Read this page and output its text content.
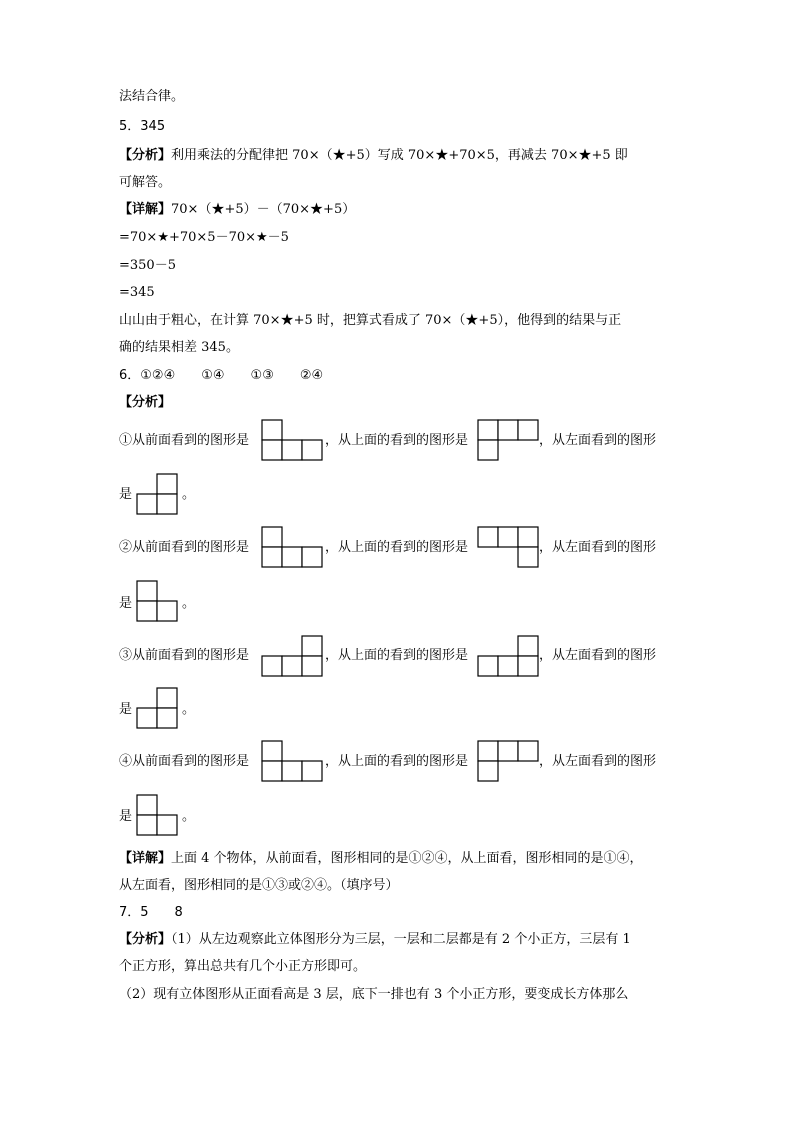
法结合律。
5．345
【分析】利用乘法的分配律把 70×（★+5）写成 70×★+70×5，再减去 70×★+5 即
可解答。
【详解】70×（★+5）－（70×★+5）
=70×★+70×5－70×★－5
=350－5
=345
山山由于粗心，在计算 70×★+5 时，把算式看成了 70×（★+5），他得到的结果与正
确的结果相差 345。
6．①②④　　①④　　①③　　②④
【分析】
①从前面看到的图形是	，从上面的看到的图形是	，从左面看到的图形
是	。
②从前面看到的图形是	，从上面的看到的图形是	，从左面看到的图形
是	。
③从前面看到的图形是	，从上面的看到的图形是	，从左面看到的图形
是	。
④从前面看到的图形是	，从上面的看到的图形是	，从左面看到的图形
是	。
【详解】上面 4 个物体，从前面看，图形相同的是①②④，从上面看，图形相同的是①④，
从左面看，图形相同的是①③或②④。（填序号）
7．5　　8
【分析】（1）从左边观察此立体图形分为三层，一层和二层都是有 2 个小正方，三层有 1
个正方形，算出总共有几个小正方形即可。
（2）现有立体图形从正面看高是 3 层，底下一排也有 3 个小正方形，要变成长方体那么
